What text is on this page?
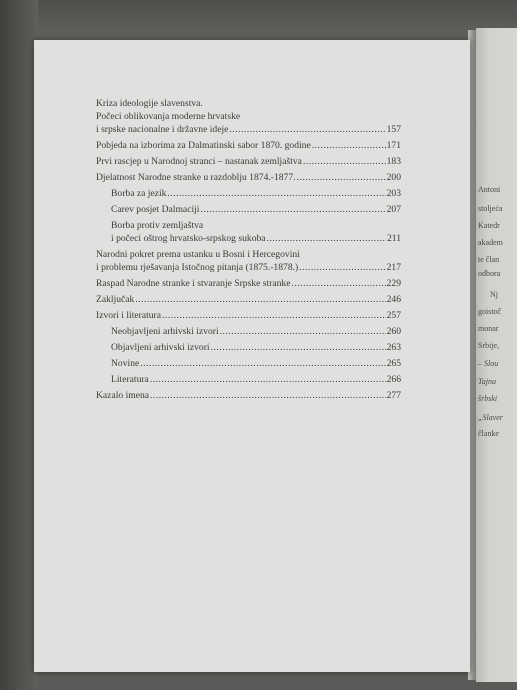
Antoni
stoljeća
Katedr
akadem
te član
odbora
Nj
goistoč
monar
Srbije,
– Slou
Tajna
šrbski
„Slaver
članke
Kriza ideologije slavenstva.
Počeci oblikovanja moderne hrvatske
i srpske nacionalne i državne ideje .....	157
Pobjeda na izborima za Dalmatinski sabor 1870. godine .....	171
Prvi rascjep u Narodnoj stranci – nastanak zemljaštva .....	183
Djelatnost Narodne stranke u razdoblju 1874.-1877. .....	200
Borba za jezik .....	203
Carev posjet Dalmaciji .....	207
Borba protiv zemljaštva
i počeci oštrog hrvatsko-srpskog sukoba .....	211
Narodni pokret prema ustanku u Bosni i Hercegovini
i problemu rješavanja Istočnog pitanja (1875.-1878.) .....	217
Raspad Narodne stranke i stvaranje Srpske stranke .....	229
Zaključak .....	246
Izvori i literatura .....	257
Neobjavljeni arhivski izvori .....	260
Objavljeni arhivski izvori .....	263
Novine .....	265
Literatura .....	266
Kazalo imena .....	277
